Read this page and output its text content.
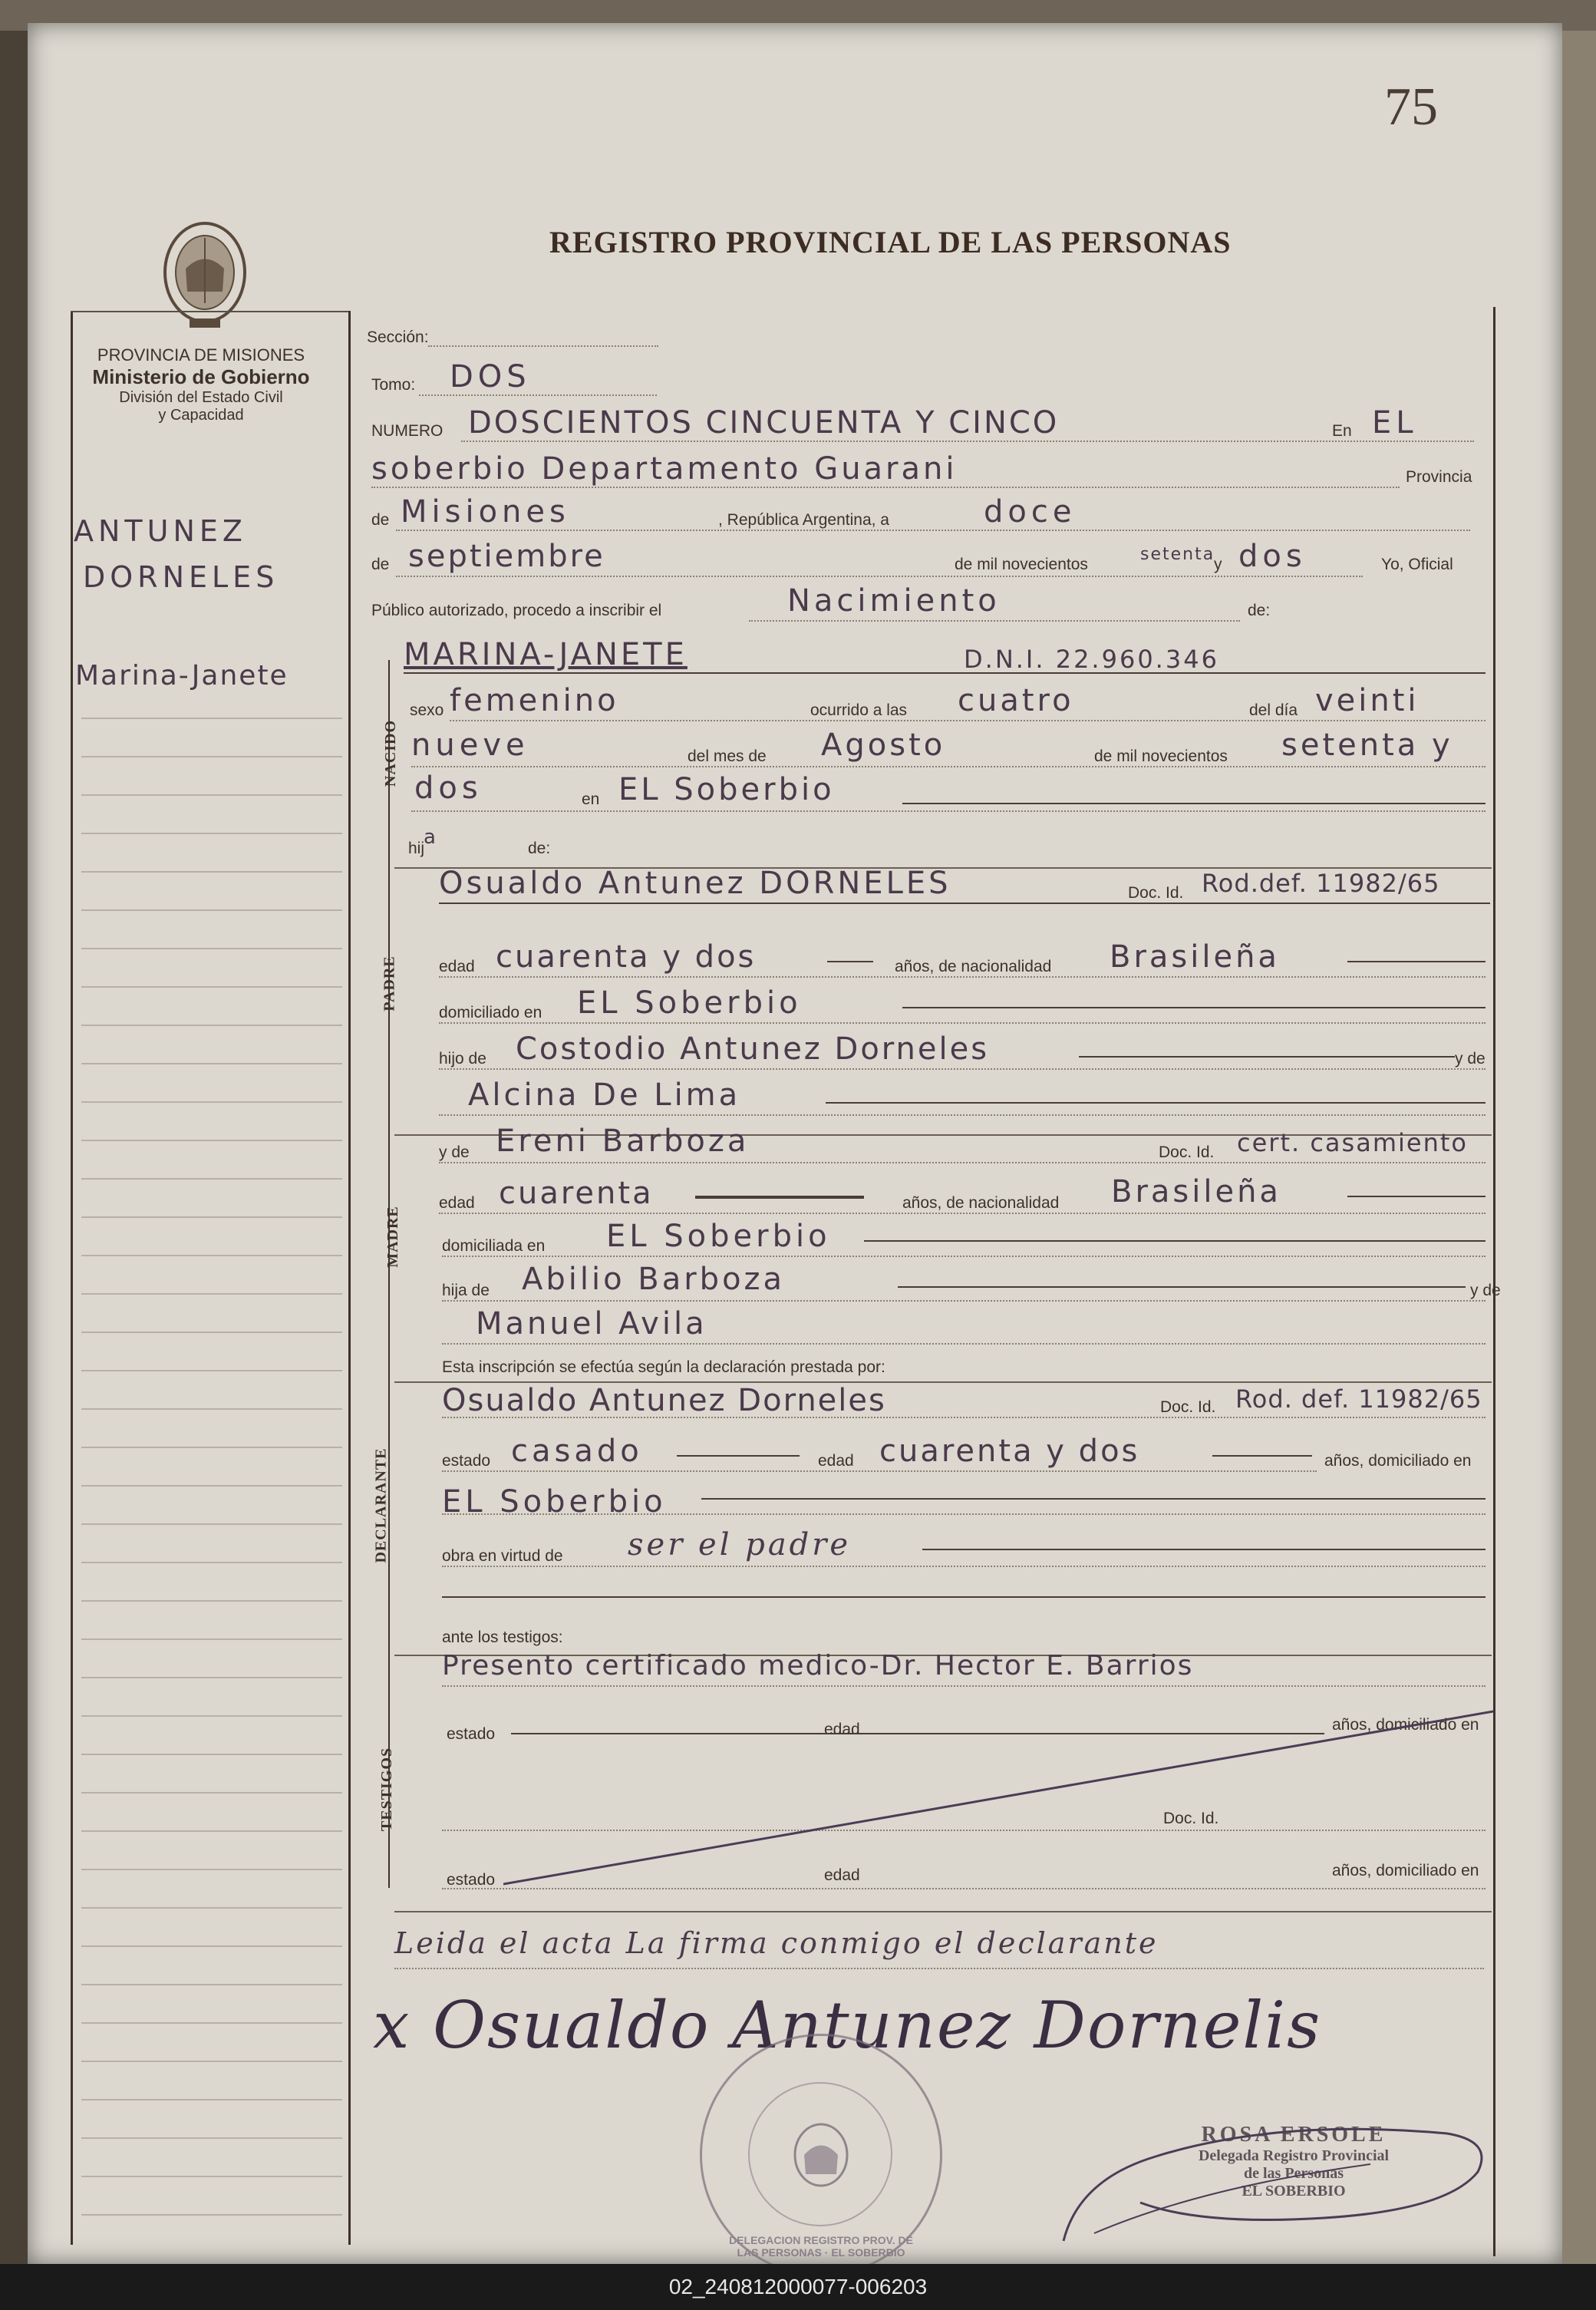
75
REGISTRO PROVINCIAL DE LAS PERSONAS
PROVINCIA DE MISIONES
Ministerio de Gobierno
División del Estado Civil
y Capacidad
ANTUNEZ
DORNELES
Marina-Janete
NACIDO
PADRE
MADRE
DECLARANTE
TESTIGOS
Sección:
Tomo: DOS
NUMERO DOSCIENTOS CINCUENTA Y CINCO	En EL
soberbio Departamento Guarani	Provincia
de Misiones	, República Argentina, a	doce
de septiembre	de mil novecientos
setenta
y dos	Yo, Oficial
Público autorizado, procedo a inscribir el	Nacimiento	de:
MARINA-JANETE	D.N.I. 22.960.346
sexo femenino	ocurrido a las cuatro	del día veinti
nueve	del mes de Agosto	de mil novecientos setenta y
dos	en EL Soberbio
hij
a	de:
Osualdo Antunez DORNELES	Doc. Id. Rod.def. 11982/65
edad cuarenta y dos	años, de nacionalidad Brasileña
domiciliado en EL Soberbio
hijo de Costodio Antunez Dorneles	y de
Alcina De Lima
y de Ereni Barboza	Doc. Id. cert. casamiento
edad cuarenta	años, de nacionalidad Brasileña
domiciliada en EL Soberbio
hija de Abilio Barboza	y de
Manuel Avila
Esta inscripción se efectúa según la declaración prestada por:
Osualdo Antunez Dorneles	Doc. Id. Rod. def. 11982/65
estado casado	edad cuarenta y dos	años, domiciliado en
EL Soberbio
obra en virtud de ser el padre
ante los testigos:
Presento certificado medico-Dr. Hector E. Barrios
estado	edad	años, domiciliado en
Doc. Id.
estado	edad	años, domiciliado en
Leida el acta La firma conmigo el declarante
x Osualdo Antunez Dornelis
DELEGACION REGISTRO PROV. DE LAS PERSONAS · EL SOBERBIO
ROSA ERSOLE
Delegada Registro Provincial
de las Personas
EL SOBERBIO
02_240812000077-006203
